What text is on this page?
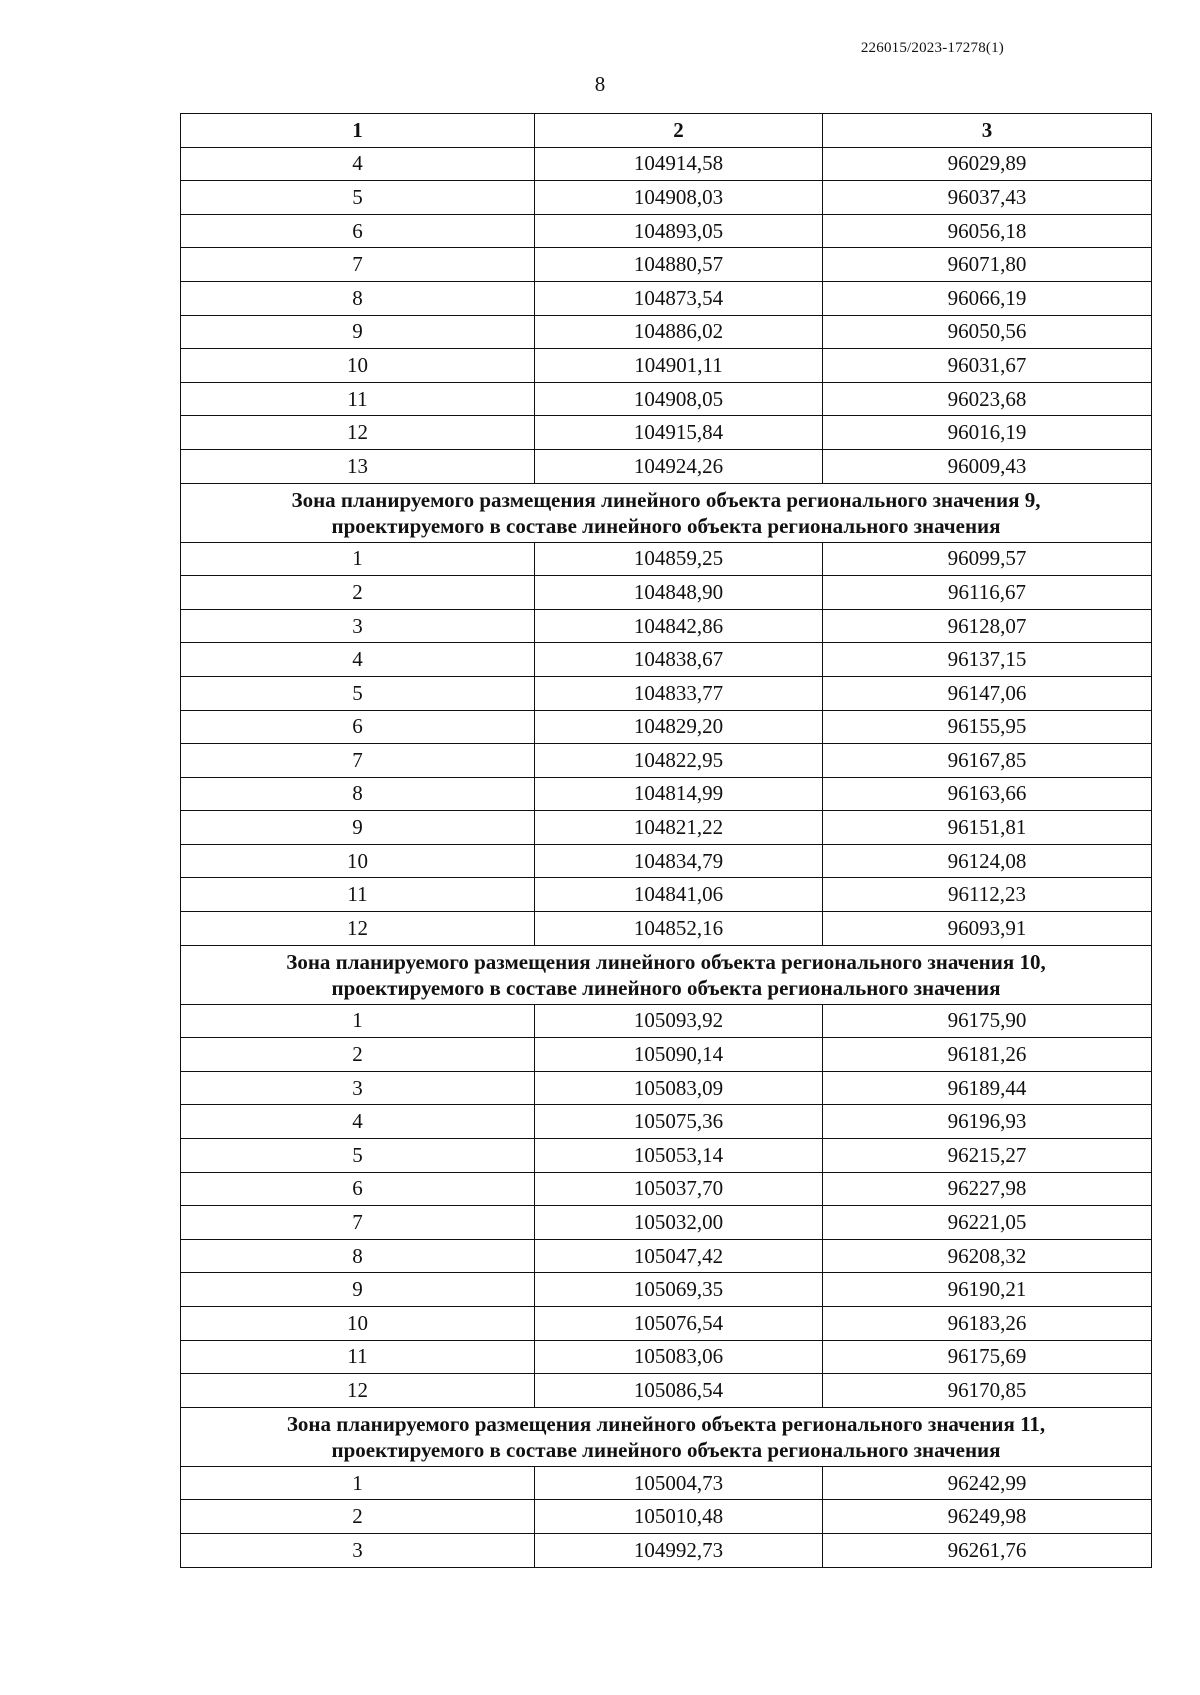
226015/2023-17278(1)
8
1	2	3
4	104914,58	96029,89
5	104908,03	96037,43
6	104893,05	96056,18
7	104880,57	96071,80
8	104873,54	96066,19
9	104886,02	96050,56
10	104901,11	96031,67
11	104908,05	96023,68
12	104915,84	96016,19
13	104924,26	96009,43

Зона планируемого размещения линейного объекта регионального значения 9,
проектируемого в составе линейного объекта регионального значения		

1	104859,25	96099,57
2	104848,90	96116,67
3	104842,86	96128,07
4	104838,67	96137,15
5	104833,77	96147,06
6	104829,20	96155,95
7	104822,95	96167,85
8	104814,99	96163,66
9	104821,22	96151,81
10	104834,79	96124,08
11	104841,06	96112,23
12	104852,16	96093,91

Зона планируемого размещения линейного объекта регионального значения 10,
проектируемого в составе линейного объекта регионального значения		

1	105093,92	96175,90
2	105090,14	96181,26
3	105083,09	96189,44
4	105075,36	96196,93
5	105053,14	96215,27
6	105037,70	96227,98
7	105032,00	96221,05
8	105047,42	96208,32
9	105069,35	96190,21
10	105076,54	96183,26
11	105083,06	96175,69
12	105086,54	96170,85

Зона планируемого размещения линейного объекта регионального значения 11,
проектируемого в составе линейного объекта регионального значения		

1	105004,73	96242,99
2	105010,48	96249,98
3	104992,73	96261,76
